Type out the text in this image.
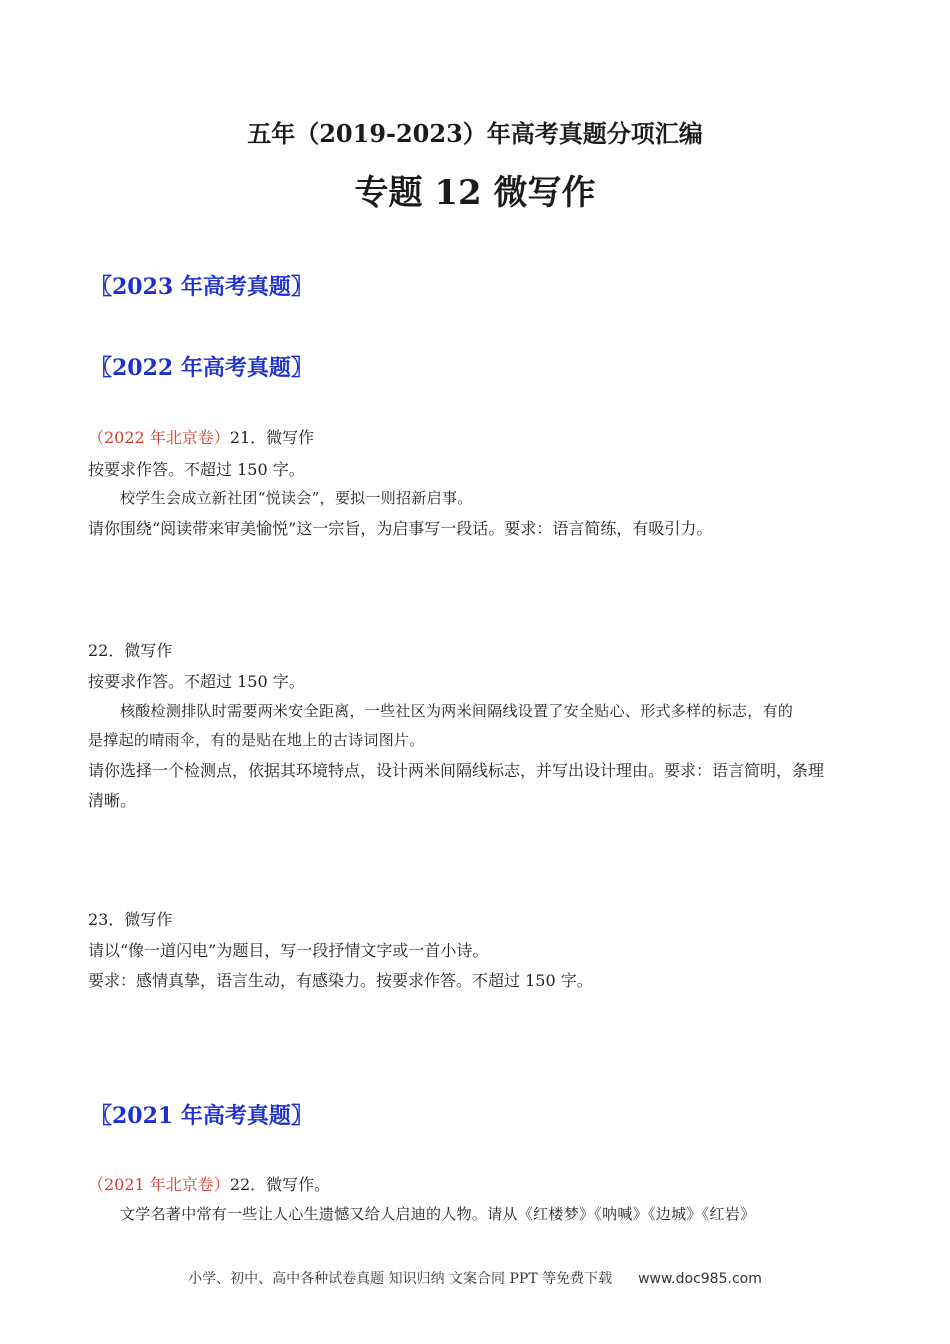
五年（2019-2023）年高考真题分项汇编
专题 12 微写作
〖2023 年高考真题〗
〖2022 年高考真题〗
（2022 年北京卷）21．微写作
按要求作答。不超过 150 字。
校学生会成立新社团“悦读会”，要拟一则招新启事。
请你围绕“阅读带来审美愉悦”这一宗旨，为启事写一段话。要求：语言简练，有吸引力。
22．微写作
按要求作答。不超过 150 字。
核酸检测排队时需要两米安全距离，一些社区为两米间隔线设置了安全贴心、形式多样的标志，有的
是撑起的晴雨伞，有的是贴在地上的古诗词图片。
请你选择一个检测点，依据其环境特点，设计两米间隔线标志，并写出设计理由。要求：语言简明，条理
清晰。
23．微写作
请以“像一道闪电”为题目，写一段抒情文字或一首小诗。
要求：感情真挚，语言生动，有感染力。按要求作答。不超过 150 字。
〖2021 年高考真题〗
（2021 年北京卷）22．微写作。
文学名著中常有一些让人心生遗憾又给人启迪的人物。请从《红楼梦》《呐喊》《边城》《红岩》
小学、初中、高中各种试卷真题 知识归纳 文案合同 PPT 等免费下载 www.doc985.com
